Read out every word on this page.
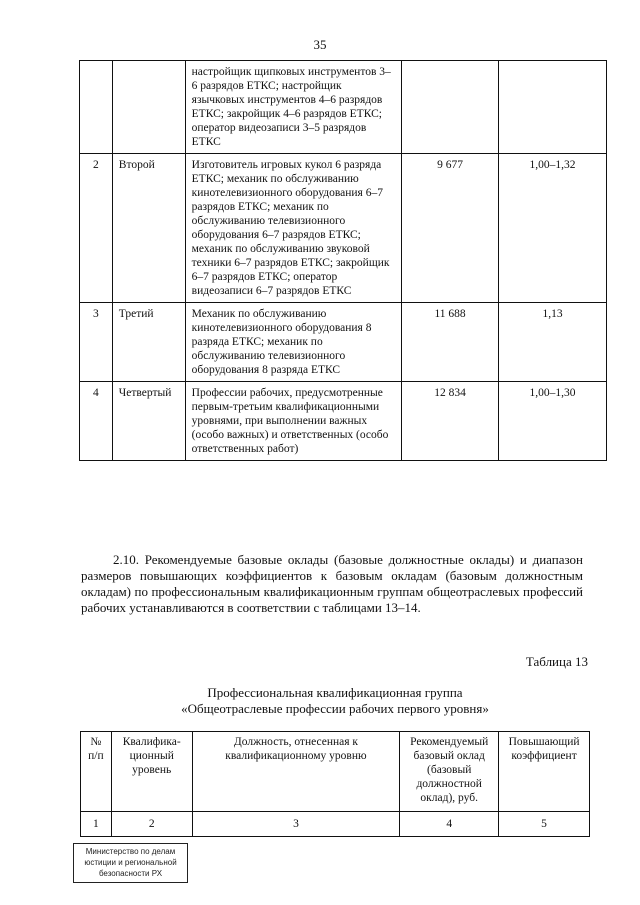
35
		настройщик щипковых инструментов 3–6 разрядов ЕТКС; настройщик язычковых инструментов 4–6 разрядов ЕТКС; закройщик 4–6 разрядов ЕТКС; оператор видеозаписи 3–5 разрядов ЕТКС		
2	Второй	Изготовитель игровых кукол 6 разряда ЕТКС; механик по обслуживанию кинотелевизионного оборудования 6–7 разрядов ЕТКС; механик по обслуживанию телевизионного оборудования 6–7 разрядов ЕТКС; механик по обслуживанию звуковой техники 6–7 разрядов ЕТКС; закройщик 6–7 разрядов ЕТКС; оператор видеозаписи 6–7 разрядов ЕТКС	9 677	1,00–1,32
3	Третий	Механик по обслуживанию кинотелевизионного оборудования 8 разряда ЕТКС; механик по обслуживанию телевизионного оборудования 8 разряда ЕТКС	11 688	1,13
4	Четвертый	Профессии рабочих, предусмотренные первым-третьим квалификационными уровнями, при выполнении важных (особо важных) и ответственных (особо ответственных работ)	12 834	1,00–1,30
2.10. Рекомендуемые базовые оклады (базовые должностные оклады) и диапазон размеров повышающих коэффициентов к базовым окладам (базовым должностным окладам) по профессиональным квалификационным группам общеотраслевых профессий рабочих устанавливаются в соответствии с таблицами 13–14.
Таблица 13
Профессиональная квалификационная группа
«Общеотраслевые профессии рабочих первого уровня»
№ п/п	Квалифика-ционный уровень	Должность, отнесенная к квалификационному уровню	Рекомендуемый базовый оклад (базовый должностной оклад), руб.	Повышающий коэффициент
1	2	3	4	5
Министерство по делам
юстиции и региональной
безопасности РХ
